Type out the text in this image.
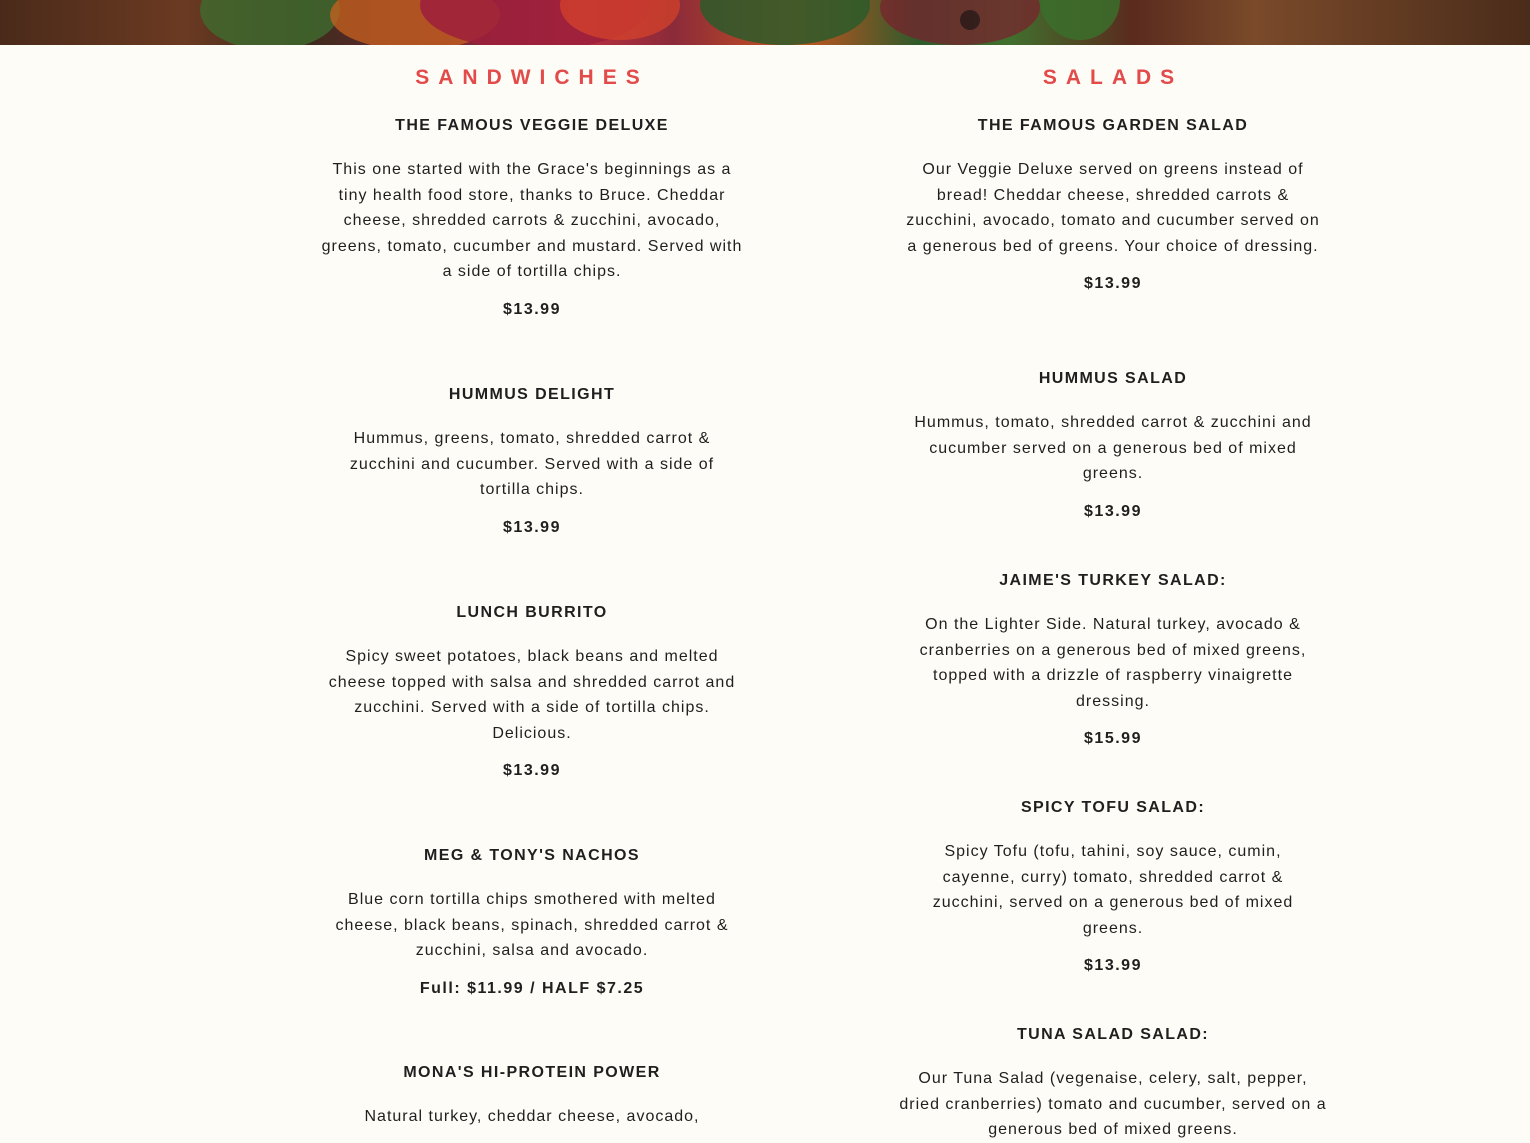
SANDWICHES

THE FAMOUS VEGGIE DELUXE

This one started with the Grace's beginnings as a tiny health food store, thanks to Bruce. Cheddar cheese, shredded carrots & zucchini, avocado, greens, tomato, cucumber and mustard. Served with a side of tortilla chips.

$13.99

HUMMUS DELIGHT

Hummus, greens, tomato, shredded carrot & zucchini and cucumber. Served with a side of tortilla chips.

$13.99

LUNCH BURRITO

Spicy sweet potatoes, black beans and melted cheese topped with salsa and shredded carrot and zucchini. Served with a side of tortilla chips. Delicious.

$13.99

MEG & TONY'S NACHOS

Blue corn tortilla chips smothered with melted cheese, black beans, spinach, shredded carrot & zucchini, salsa and avocado.

Full: $11.99 / HALF $7.25

MONA'S HI-PROTEIN POWER

Natural turkey, cheddar cheese, avocado,

SALADS

THE FAMOUS GARDEN SALAD

Our Veggie Deluxe served on greens instead of bread! Cheddar cheese, shredded carrots & zucchini, avocado, tomato and cucumber served on a generous bed of greens. Your choice of dressing.

$13.99

HUMMUS SALAD

Hummus, tomato, shredded carrot & zucchini and cucumber served on a generous bed of mixed greens.

$13.99

JAIME'S TURKEY SALAD:

On the Lighter Side. Natural turkey, avocado & cranberries on a generous bed of mixed greens, topped with a drizzle of raspberry vinaigrette dressing.

$15.99

SPICY TOFU SALAD:

Spicy Tofu (tofu, tahini, soy sauce, cumin, cayenne, curry) tomato, shredded carrot & zucchini, served on a generous bed of mixed greens.

$13.99

TUNA SALAD SALAD:

Our Tuna Salad (vegenaise, celery, salt, pepper, dried cranberries) tomato and cucumber, served on a generous bed of mixed greens.
